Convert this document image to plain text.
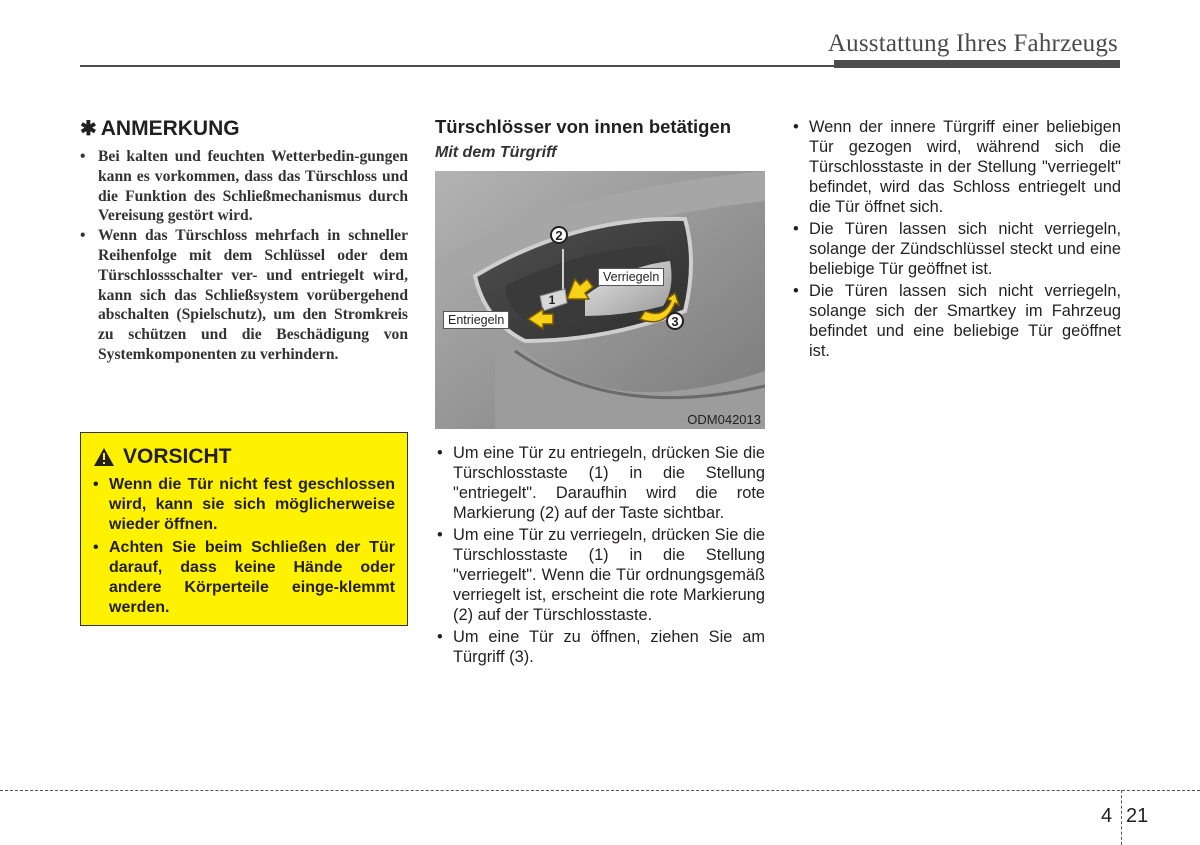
Ausstattung Ihres Fahrzeugs
✱ ANMERKUNG
• Bei kalten und feuchten Wetterbedin-gungen kann es vorkommen, dass das Türschloss und die Funktion des Schließmechanismus durch Vereisung gestört wird.
• Wenn das Türschloss mehrfach in schneller Reihenfolge mit dem Schlüssel oder dem Türschlossschalter ver- und entriegelt wird, kann sich das Schließsystem vorübergehend abschalten (Spielschutz), um den Stromkreis zu schützen und die Beschädigung von Systemkomponenten zu verhindern.
VORSICHT
• Wenn die Tür nicht fest geschlossen wird, kann sie sich möglicherweise wieder öffnen.
• Achten Sie beim Schließen der Tür darauf, dass keine Hände oder andere Körperteile einge-klemmt werden.
Türschlösser von innen betätigen
Mit dem Türgriff
2
3
1
Verriegeln
Entriegeln
ODM042013
• Um eine Tür zu entriegeln, drücken Sie die Türschlosstaste (1) in die Stellung "entriegelt". Daraufhin wird die rote Markierung (2) auf der Taste sichtbar.
• Um eine Tür zu verriegeln, drücken Sie die Türschlosstaste (1) in die Stellung "verriegelt". Wenn die Tür ordnungsgemäß verriegelt ist, erscheint die rote Markierung (2) auf der Türschlosstaste.
• Um eine Tür zu öffnen, ziehen Sie am Türgriff (3).
• Wenn der innere Türgriff einer beliebigen Tür gezogen wird, während sich die Türschlosstaste in der Stellung "verriegelt" befindet, wird das Schloss entriegelt und die Tür öffnet sich.
• Die Türen lassen sich nicht verriegeln, solange der Zündschlüssel steckt und eine beliebige Tür geöffnet ist.
• Die Türen lassen sich nicht verriegeln, solange sich der Smartkey im Fahrzeug befindet und eine beliebige Tür geöffnet ist.
4 21
